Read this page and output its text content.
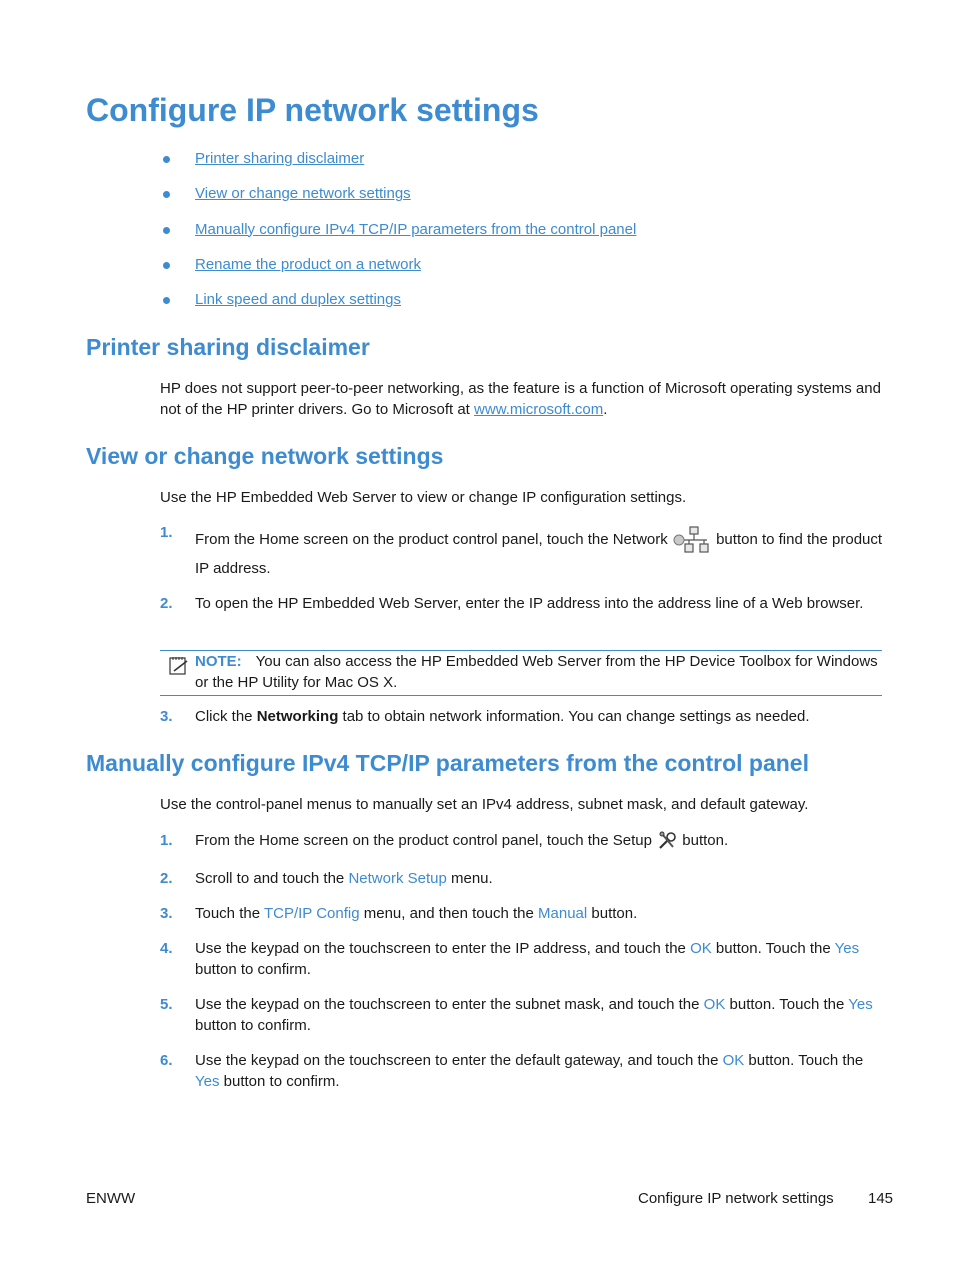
Configure IP network settings
Printer sharing disclaimer
View or change network settings
Manually configure IPv4 TCP/IP parameters from the control panel
Rename the product on a network
Link speed and duplex settings
Printer sharing disclaimer

HP does not support peer-to-peer networking, as the feature is a function of Microsoft operating systems and not of the HP printer drivers. Go to Microsoft at www.microsoft.com.

View or change network settings

Use the HP Embedded Web Server to view or change IP configuration settings.

1. From the Home screen on the product control panel, touch the Network	button to find the product IP address.
2. To open the HP Embedded Web Server, enter the IP address into the address line of a Web browser.
NOTE: You can also access the HP Embedded Web Server from the HP Device Toolbox for Windows or the HP Utility for Mac OS X.
3. Click the Networking tab to obtain network information. You can change settings as needed.
Manually configure IPv4 TCP/IP parameters from the control panel

Use the control-panel menus to manually set an IPv4 address, subnet mask, and default gateway.

1. From the Home screen on the product control panel, touch the Setup button.
2. Scroll to and touch the Network Setup menu.
3. Touch the TCP/IP Config menu, and then touch the Manual button.
4. Use the keypad on the touchscreen to enter the IP address, and touch the OK button. Touch the Yes button to confirm.
5. Use the keypad on the touchscreen to enter the subnet mask, and touch the OK button. Touch the Yes button to confirm.
6. Use the keypad on the touchscreen to enter the default gateway, and touch the OK button. Touch the Yes button to confirm.
ENWW	Configure IP network settings 145
